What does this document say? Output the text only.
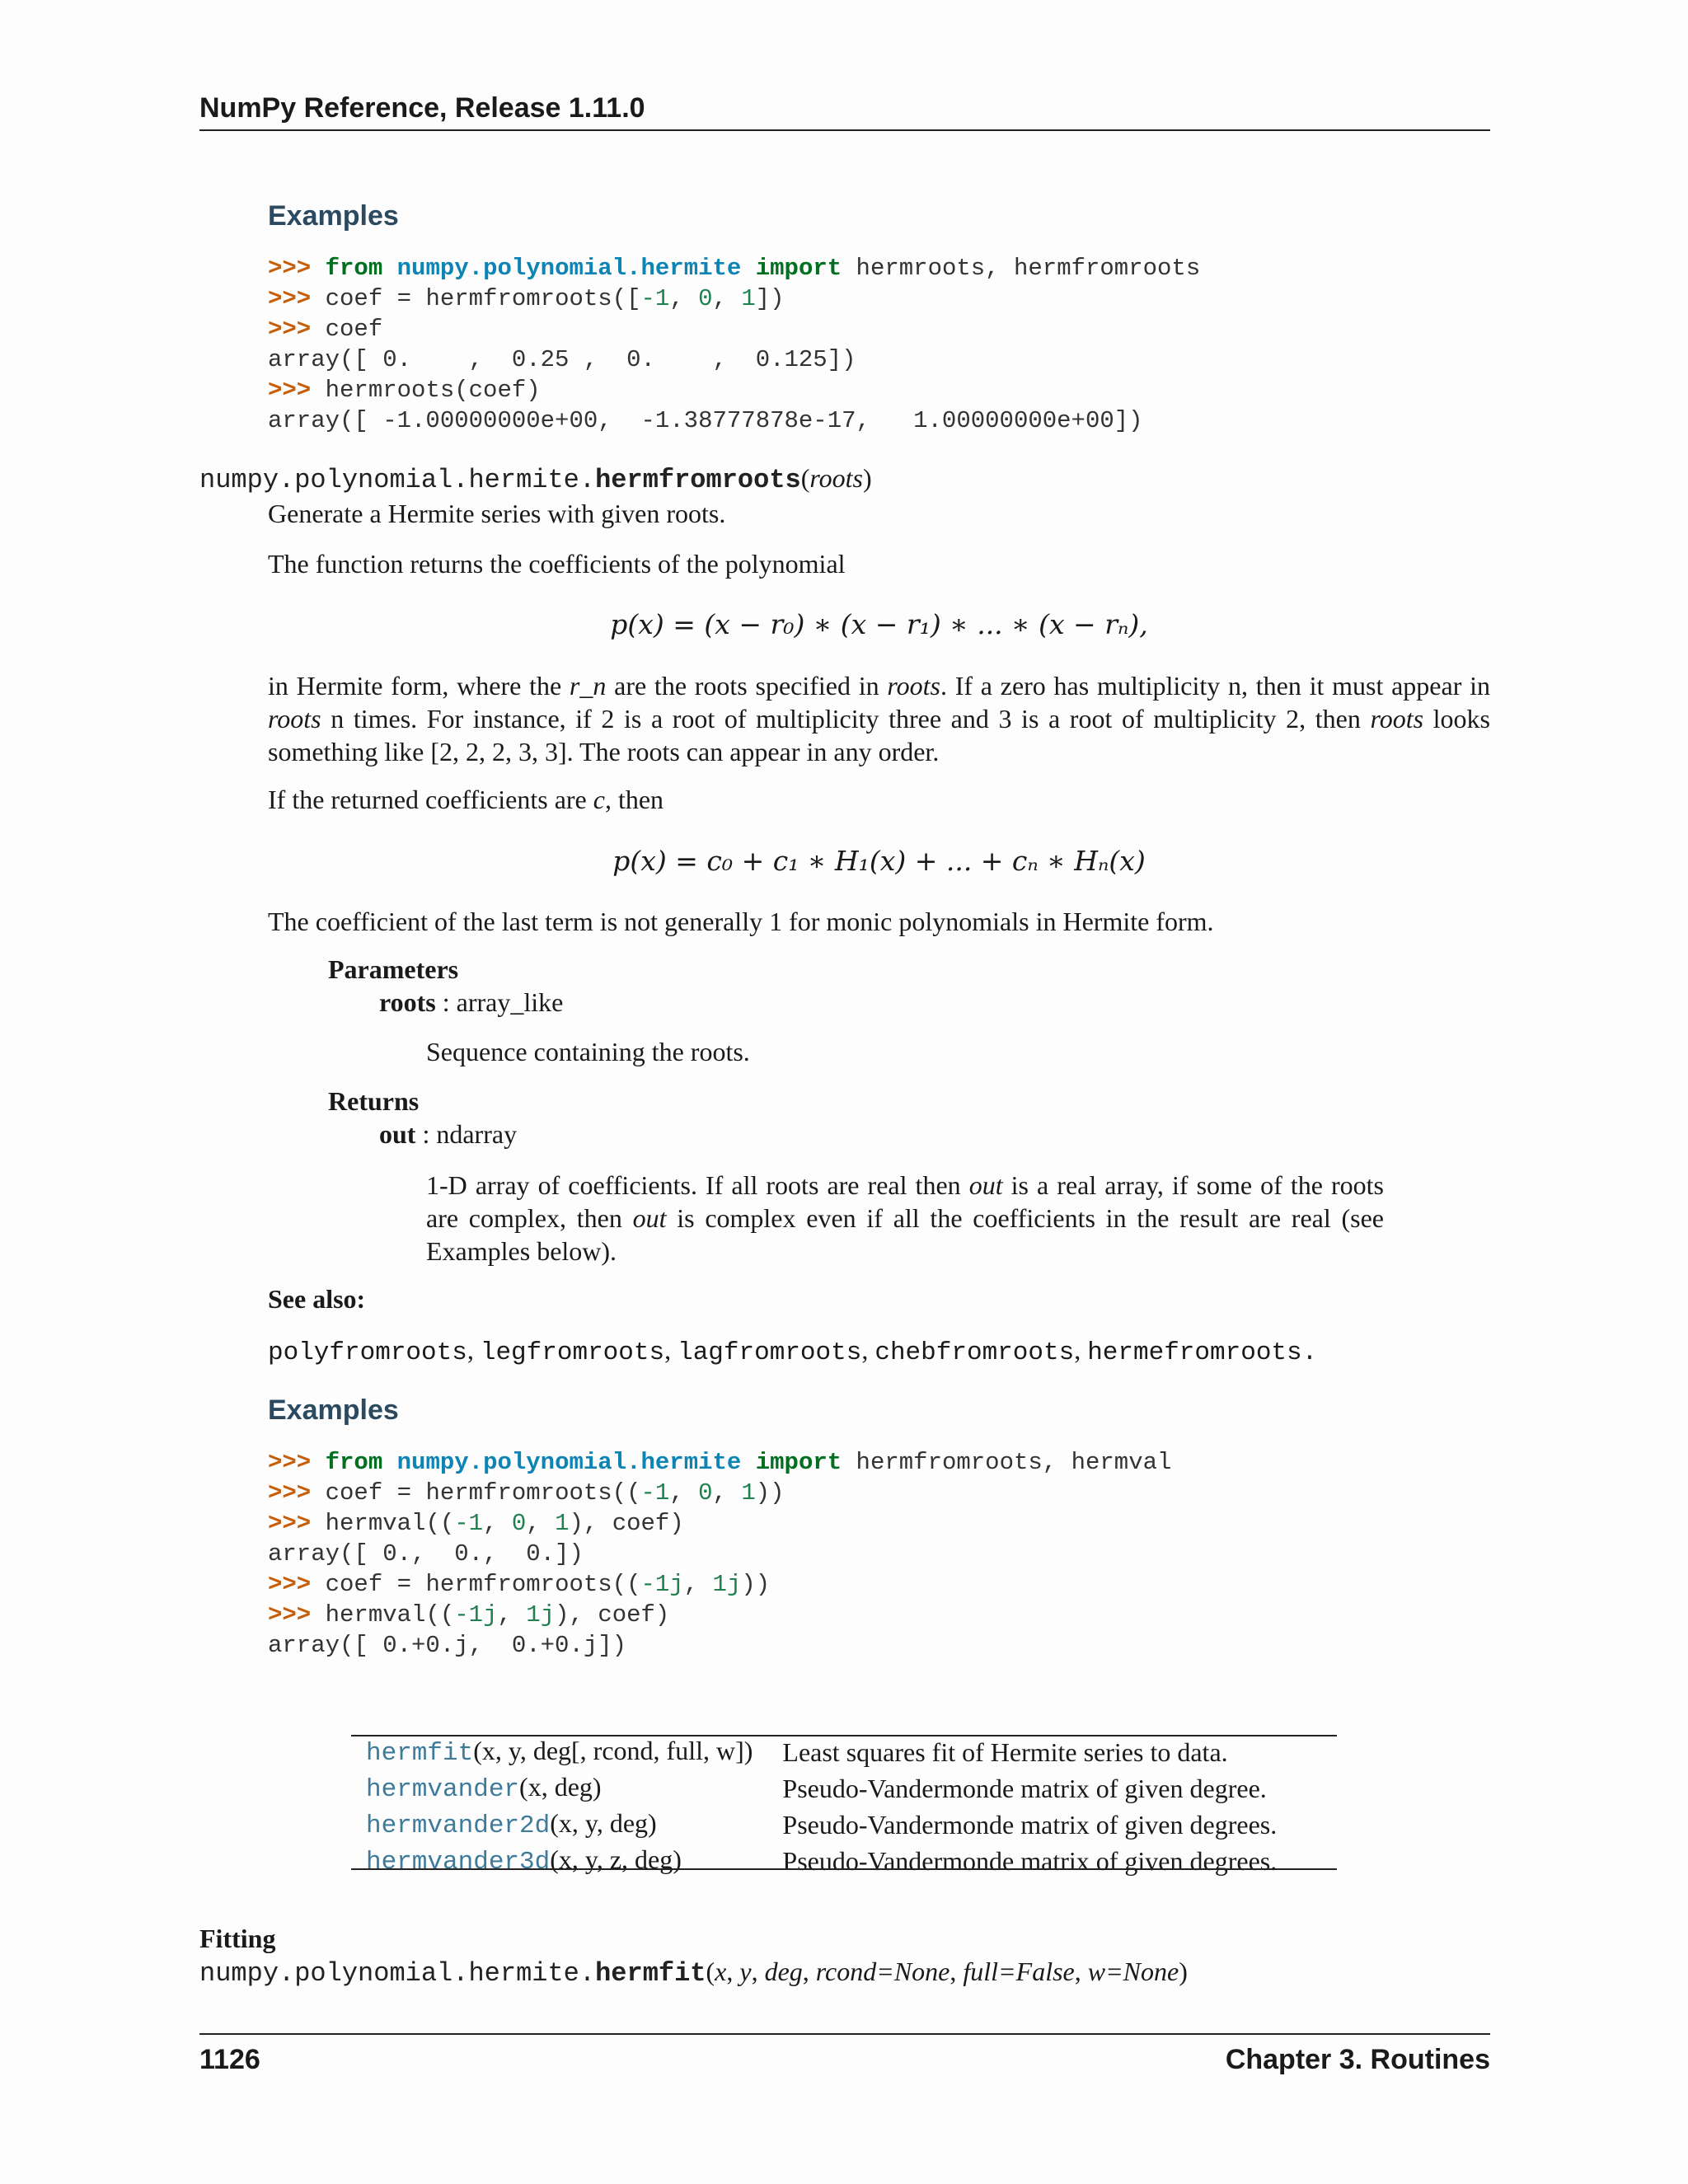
NumPy Reference, Release 1.11.0
Examples
>>> from numpy.polynomial.hermite import hermroots, hermfromroots
>>> coef = hermfromroots([-1, 0, 1])
>>> coef
array([ 0.    ,  0.25 ,  0.    ,  0.125])
>>> hermroots(coef)
array([ -1.00000000e+00,  -1.38777878e-17,   1.00000000e+00])
numpy.polynomial.hermite.hermfromroots(roots)
Generate a Hermite series with given roots.
The function returns the coefficients of the polynomial
p(x) = (x − r₀) ∗ (x − r₁) ∗ ... ∗ (x − rₙ),
in Hermite form, where the r_n are the roots specified in roots. If a zero has multiplicity n, then it must appear in roots n times. For instance, if 2 is a root of multiplicity three and 3 is a root of multiplicity 2, then roots looks something like [2, 2, 2, 3, 3]. The roots can appear in any order.
If the returned coefficients are c, then
p(x) = c₀ + c₁ ∗ H₁(x) + ... + cₙ ∗ Hₙ(x)
The coefficient of the last term is not generally 1 for monic polynomials in Hermite form.
Parameters
roots : array_like
Sequence containing the roots.
Returns
out : ndarray
1-D array of coefficients. If all roots are real then out is a real array, if some of the roots are complex, then out is complex even if all the coefficients in the result are real (see Examples below).
See also:
polyfromroots, legfromroots, lagfromroots, chebfromroots, hermefromroots.
Examples
>>> from numpy.polynomial.hermite import hermfromroots, hermval
>>> coef = hermfromroots((-1, 0, 1))
>>> hermval((-1, 0, 1), coef)
array([ 0.,  0.,  0.])
>>> coef = hermfromroots((-1j, 1j))
>>> hermval((-1j, 1j), coef)
array([ 0.+0.j,  0.+0.j])
hermfit(x, y, deg[, rcond, full, w])	Least squares fit of Hermite series to data.
hermvander(x, deg)	Pseudo-Vandermonde matrix of given degree.
hermvander2d(x, y, deg)	Pseudo-Vandermonde matrix of given degrees.
hermvander3d(x, y, z, deg)	Pseudo-Vandermonde matrix of given degrees.
Fitting
numpy.polynomial.hermite.hermfit(x, y, deg, rcond=None, full=False, w=None)
1126	Chapter 3. Routines
